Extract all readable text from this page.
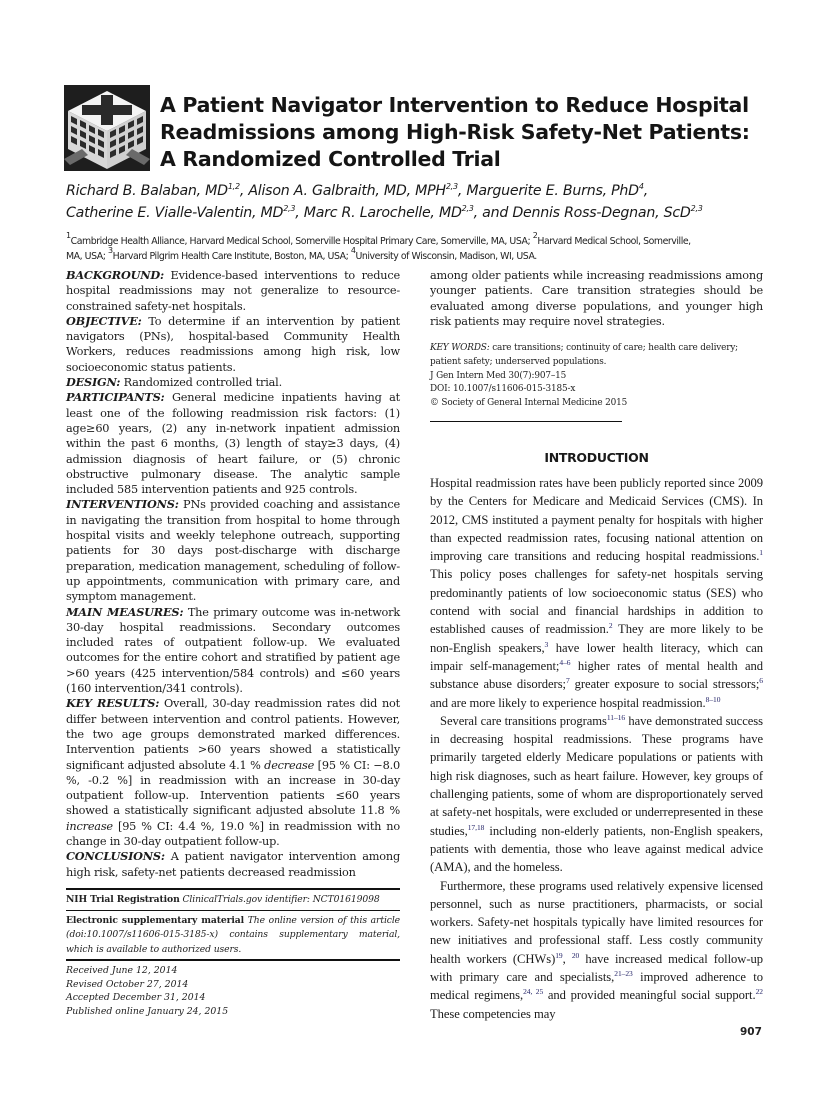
A Patient Navigator Intervention to Reduce Hospital
Readmissions among High-Risk Safety-Net Patients:
A Randomized Controlled Trial
Richard B. Balaban, MD$^{1,2}$, Alison A. Galbraith, MD, MPH$^{2,3}$, Marguerite E. Burns, PhD$^4$,
Catherine E. Vialle-Valentin, MD$^{2,3}$, Marc R. Larochelle, MD$^{2,3}$, and Dennis Ross-Degnan, ScD$^{2,3}$
$^1$Cambridge Health Alliance, Harvard Medical School, Somerville Hospital Primary Care, Somerville, MA, USA; $^2$Harvard Medical School, Somerville,
MA, USA; $^3$Harvard Pilgrim Health Care Institute, Boston, MA, USA; $^4$University of Wisconsin, Madison, WI, USA.

BACKGROUND: Evidence-based interventions to reduce hospital readmissions may not generalize to resource-constrained safety-net hospitals.

OBJECTIVE: To determine if an intervention by patient navigators (PNs), hospital-based Community Health Workers, reduces readmissions among high risk, low socioeconomic status patients.

DESIGN: Randomized controlled trial.

PARTICIPANTS: General medicine inpatients having at least one of the following readmission risk factors: (1) age≥60 years, (2) any in-network inpatient admission within the past 6 months, (3) length of stay≥3 days, (4) admission diagnosis of heart failure, or (5) chronic obstructive pulmonary disease. The analytic sample included 585 intervention patients and 925 controls.

INTERVENTIONS: PNs provided coaching and assistance in navigating the transition from hospital to home through hospital visits and weekly telephone outreach, supporting patients for 30 days post-discharge with discharge preparation, medication management, scheduling of follow-up appointments, communication with primary care, and symptom management.

MAIN MEASURES: The primary outcome was in-network 30-day hospital readmissions. Secondary outcomes included rates of outpatient follow-up. We evaluated outcomes for the entire cohort and stratified by patient age >60 years (425 intervention/584 controls) and ≤60 years (160 intervention/341 controls).

KEY RESULTS: Overall, 30-day readmission rates did not differ between intervention and control patients. However, the two age groups demonstrated marked differences. Intervention patients >60 years showed a statistically significant adjusted absolute 4.1 % decrease [95 % CI: −8.0 %, -0.2 %] in readmission with an increase in 30-day outpatient follow-up. Intervention patients ≤60 years showed a statistically significant adjusted absolute 11.8 % increase [95 % CI: 4.4 %, 19.0 %] in readmission with no change in 30-day outpatient follow-up.

CONCLUSIONS: A patient navigator intervention among high risk, safety-net patients decreased readmission

NIH Trial Registration ClinicalTrials.gov identifier: NCT01619098
Electronic supplementary material The online version of this article (doi:10.1007/s11606-015-3185-x) contains supplementary material, which is available to authorized users.
Received June 12, 2014
Revised October 27, 2014
Accepted December 31, 2014
Published online January 24, 2015

among older patients while increasing readmissions among younger patients. Care transition strategies should be evaluated among diverse populations, and younger high risk patients may require novel strategies.

KEY WORDS: care transitions; continuity of care; health care delivery; patient safety; underserved populations.

J Gen Intern Med 30(7):907–15

DOI: 10.1007/s11606-015-3185-x

© Society of General Internal Medicine 2015

INTRODUCTION

Hospital readmission rates have been publicly reported since 2009 by the Centers for Medicare and Medicaid Services (CMS). In 2012, CMS instituted a payment penalty for hospitals with higher than expected readmission rates, focusing national attention on improving care transitions and reducing hospital readmissions.$^1$ This policy poses challenges for safety-net hospitals serving predominantly patients of low socioeconomic status (SES) who contend with social and financial hardships in addition to established causes of readmission.$^2$ They are more likely to be non-English speakers,$^3$ have lower health literacy, which can impair self-management;$^{4-6}$ higher rates of mental health and substance abuse disorders;$^7$ greater exposure to social stressors;$^6$ and are more likely to experience hospital readmission.$^{8-10}$

Several care transitions programs$^{11-16}$ have demonstrated success in decreasing hospital readmissions. These programs have primarily targeted elderly Medicare populations or patients with high risk diagnoses, such as heart failure. However, key groups of challenging patients, some of whom are disproportionately served at safety-net hospitals, were excluded or underrepresented in these studies,$^{17,18}$ including non-elderly patients, non-English speakers, patients with dementia, those who leave against medical advice (AMA), and the homeless.

Furthermore, these programs used relatively expensive licensed personnel, such as nurse practitioners, pharmacists, or social workers. Safety-net hospitals typically have limited resources for new initiatives and professional staff. Less costly community health workers (CHWs)$^{19}$, $^{20}$ have increased medical follow-up with primary care and specialists,$^{21-23}$ improved adherence to medical regimens,$^{24, 25}$ and provided meaningful social support.$^{22}$ These competencies may

907
